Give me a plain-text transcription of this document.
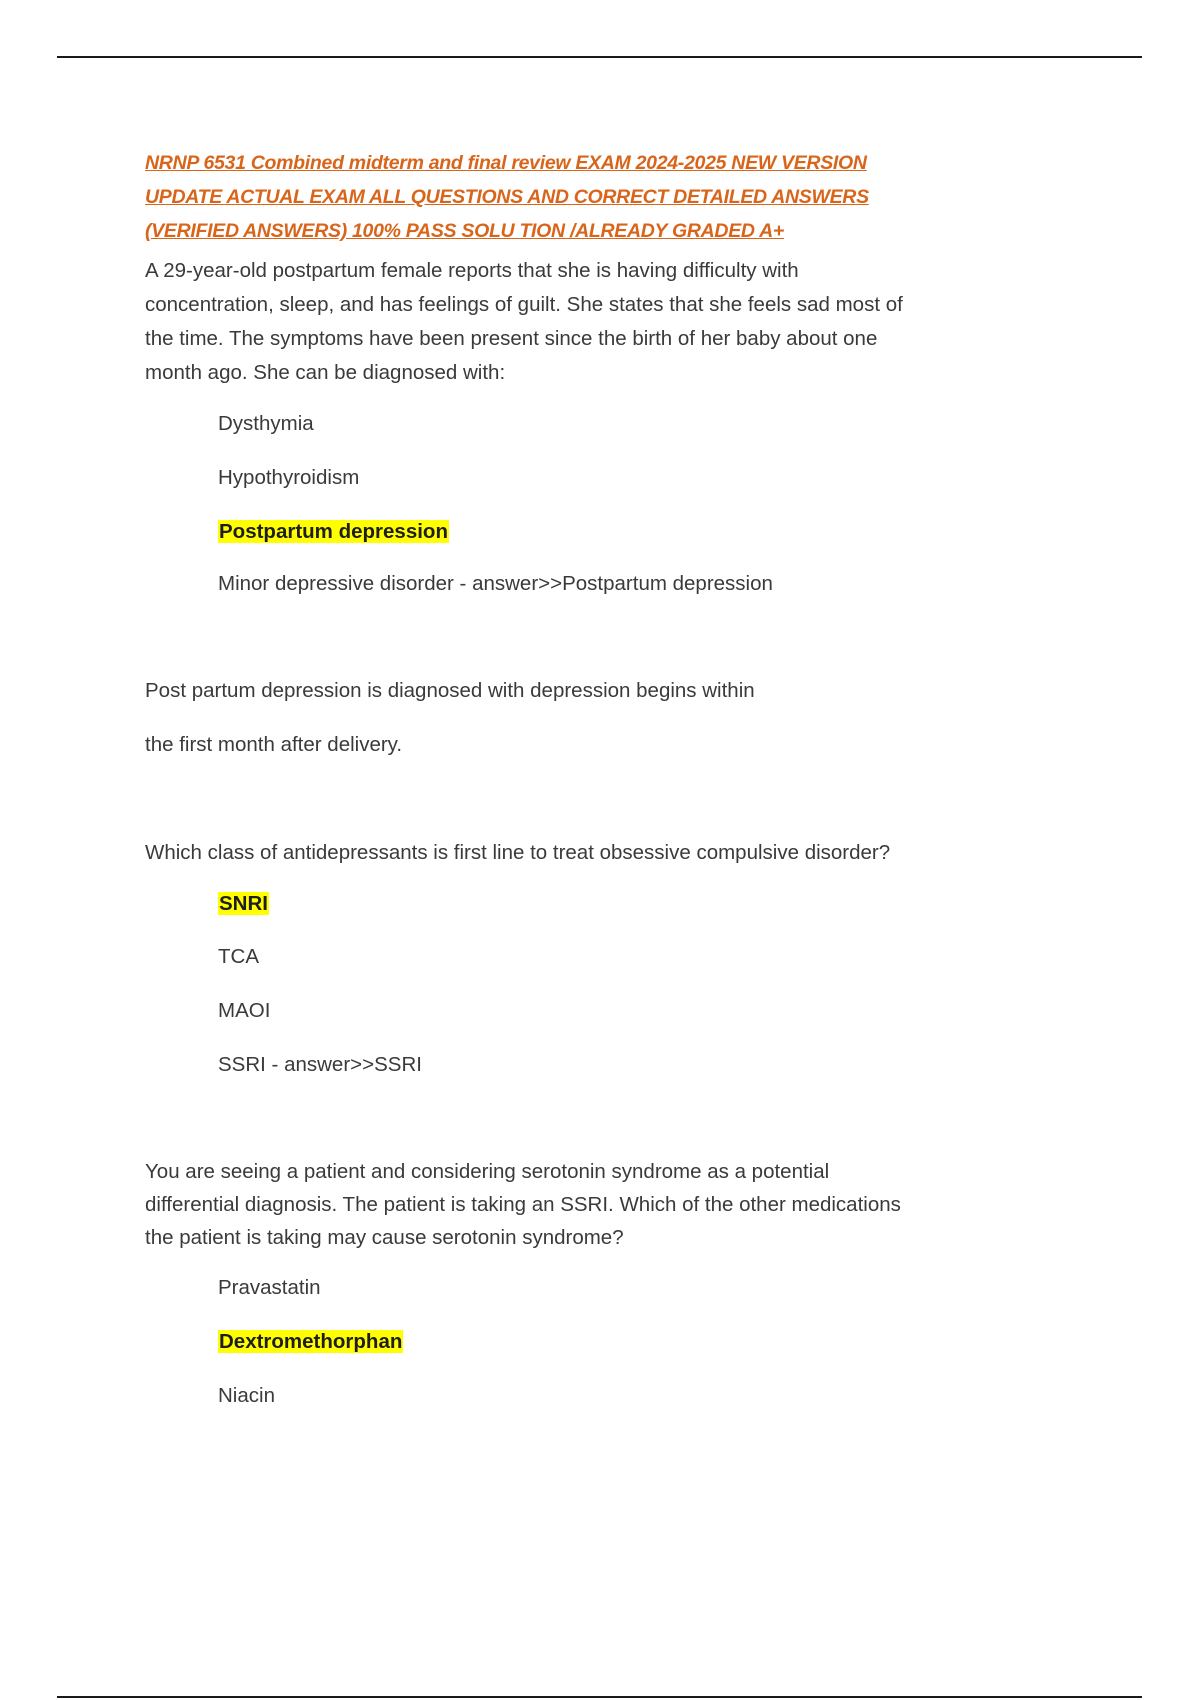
NRNP 6531 Combined midterm and final review EXAM 2024-2025 NEW VERSION
UPDATE ACTUAL EXAM ALL QUESTIONS AND CORRECT DETAILED ANSWERS
(VERIFIED ANSWERS) 100% PASS SOLU TION /ALREADY GRADED A+

A 29-year-old postpartum female reports that she is having difficulty with

concentration, sleep, and has feelings of guilt. She states that she feels sad most of

the time. The symptoms have been present since the birth of her baby about one

month ago. She can be diagnosed with:

Dysthymia

Hypothyroidism

Postpartum depression

Minor depressive disorder - answer>>Postpartum depression

Post partum depression is diagnosed with depression begins within

the first month after delivery.

Which class of antidepressants is first line to treat obsessive compulsive disorder?

SNRI

TCA

MAOI

SSRI - answer>>SSRI

You are seeing a patient and considering serotonin syndrome as a potential

differential diagnosis. The patient is taking an SSRI. Which of the other medications

the patient is taking may cause serotonin syndrome?

Pravastatin

Dextromethorphan

Niacin
